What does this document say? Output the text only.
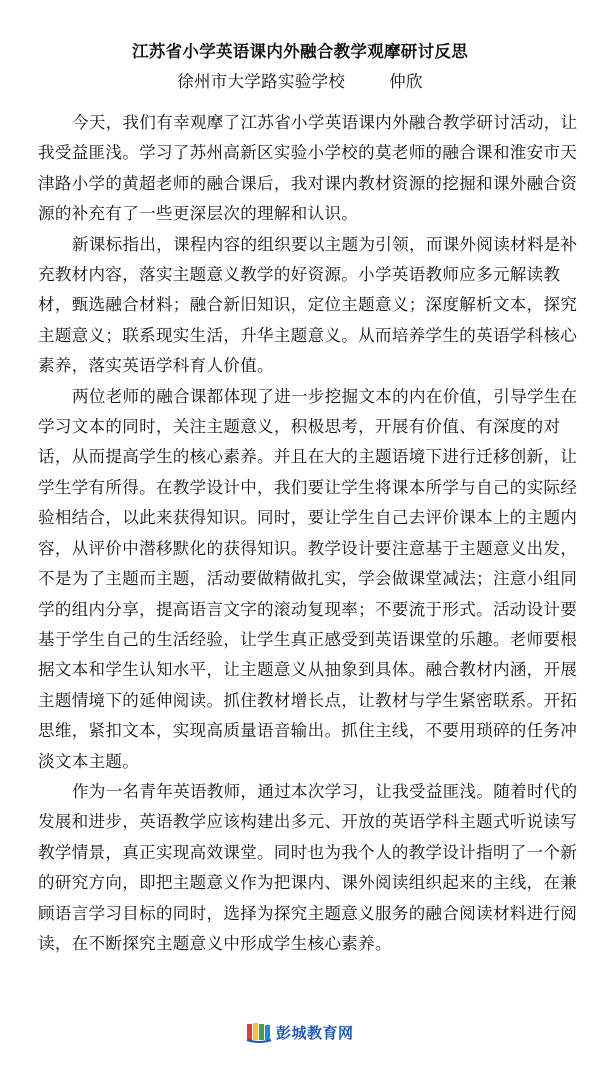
江苏省小学英语课内外融合教学观摩研讨反思
徐州市大学路实验学校	仲欣

今天，我们有幸观摩了江苏省小学英语课内外融合教学研讨活动，让我受益匪浅。学习了苏州高新区实验小学校的莫老师的融合课和淮安市天津路小学的黄超老师的融合课后，我对课内教材资源的挖掘和课外融合资源的补充有了一些更深层次的理解和认识。

新课标指出，课程内容的组织要以主题为引领，而课外阅读材料是补充教材内容，落实主题意义教学的好资源。小学英语教师应多元解读教材，甄选融合材料；融合新旧知识，定位主题意义；深度解析文本，探究主题意义；联系现实生活，升华主题意义。从而培养学生的英语学科核心素养，落实英语学科育人价值。

两位老师的融合课都体现了进一步挖掘文本的内在价值，引导学生在学习文本的同时，关注主题意义，积极思考，开展有价值、有深度的对话，从而提高学生的核心素养。并且在大的主题语境下进行迁移创新，让学生学有所得。在教学设计中，我们要让学生将课本所学与自己的实际经验相结合，以此来获得知识。同时，要让学生自己去评价课本上的主题内容，从评价中潜移默化的获得知识。教学设计要注意基于主题意义出发，不是为了主题而主题，活动要做精做扎实，学会做课堂减法；注意小组同学的组内分享，提高语言文字的滚动复现率；不要流于形式。活动设计要基于学生自己的生活经验，让学生真正感受到英语课堂的乐趣。老师要根据文本和学生认知水平，让主题意义从抽象到具体。融合教材内涵，开展主题情境下的延伸阅读。抓住教材增长点，让教材与学生紧密联系。开拓思维，紧扣文本，实现高质量语音输出。抓住主线，不要用琐碎的任务冲淡文本主题。

作为一名青年英语教师，通过本次学习，让我受益匪浅。随着时代的发展和进步，英语教学应该构建出多元、开放的英语学科主题式听说读写教学情景，真正实现高效课堂。同时也为我个人的教学设计指明了一个新的研究方向，即把主题意义作为把课内、课外阅读组织起来的主线，在兼顾语言学习目标的同时，选择为探究主题意义服务的融合阅读材料进行阅读，在不断探究主题意义中形成学生核心素养。

彭城教育网
